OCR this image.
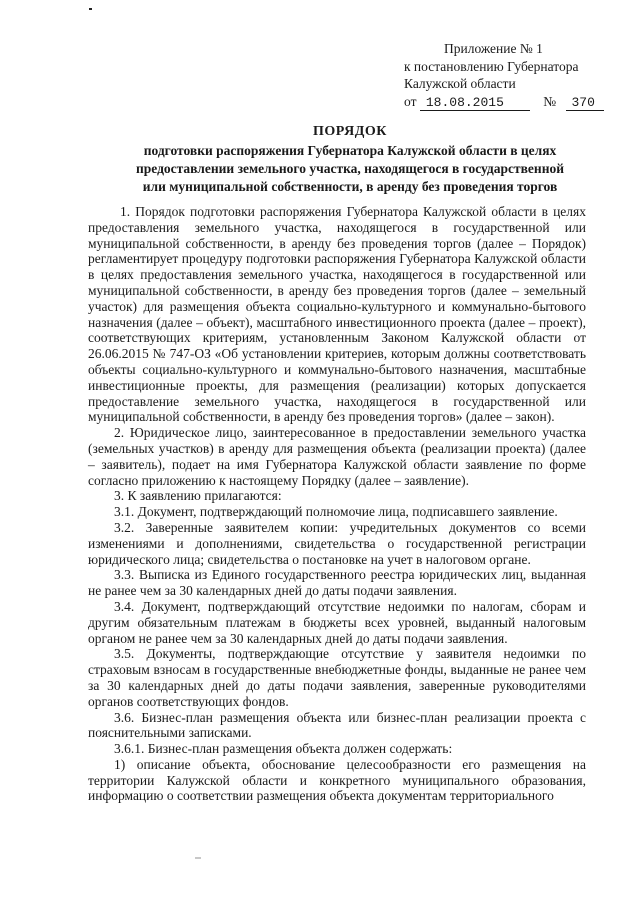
Приложение № 1
к постановлению Губернатора
Калужской области
от 18.08.2015	№ 370
ПОРЯДОК
подготовки распоряжения Губернатора Калужской области в целях
предоставлении земельного участка, находящегося в государственной
или муниципальной собственности, в аренду без проведения торгов

1. Порядок подготовки распоряжения Губернатора Калужской области в целях предоставления земельного участка, находящегося в государственной или муниципальной собственности, в аренду без проведения торгов (далее – Порядок) регламентирует процедуру подготовки распоряжения Губернатора Калужской области в целях предоставления земельного участка, находящегося в государственной или муниципальной собственности, в аренду без проведения торгов (далее – земельный участок) для размещения объекта социально-культурного и коммунально-бытового назначения (далее – объект), масштабного инвестиционного проекта (далее – проект), соответствующих критериям, установленным Законом Калужской области от 26.06.2015 № 747-ОЗ «Об установлении критериев, которым должны соответствовать объекты социально-культурного и коммунально-бытового назначения, масштабные инвестиционные проекты, для размещения (реализации) которых допускается предоставление земельного участка, находящегося в государственной или муниципальной собственности, в аренду без проведения торгов» (далее – закон).

2. Юридическое лицо, заинтересованное в предоставлении земельного участка (земельных участков) в аренду для размещения объекта (реализации проекта) (далее – заявитель), подает на имя Губернатора Калужской области заявление по форме согласно приложению к настоящему Порядку (далее – заявление).

3. К заявлению прилагаются:

3.1. Документ, подтверждающий полномочие лица, подписавшего заявление.

3.2. Заверенные заявителем копии: учредительных документов со всеми изменениями и дополнениями, свидетельства о государственной регистрации юридического лица; свидетельства о постановке на учет в налоговом органе.

3.3. Выписка из Единого государственного реестра юридических лиц, выданная не ранее чем за 30 календарных дней до даты подачи заявления.

3.4. Документ, подтверждающий отсутствие недоимки по налогам, сборам и другим обязательным платежам в бюджеты всех уровней, выданный налоговым органом не ранее чем за 30 календарных дней до даты подачи заявления.

3.5. Документы, подтверждающие отсутствие у заявителя недоимки по страховым взносам в государственные внебюджетные фонды, выданные не ранее чем за 30 календарных дней до даты подачи заявления, заверенные руководителями органов соответствующих фондов.

3.6. Бизнес-план размещения объекта или бизнес-план реализации проекта с пояснительными записками.

3.6.1. Бизнес-план размещения объекта должен содержать:

1) описание объекта, обоснование целесообразности его размещения на территории Калужской области и конкретного муниципального образования, информацию о соответствии размещения объекта документам территориального
